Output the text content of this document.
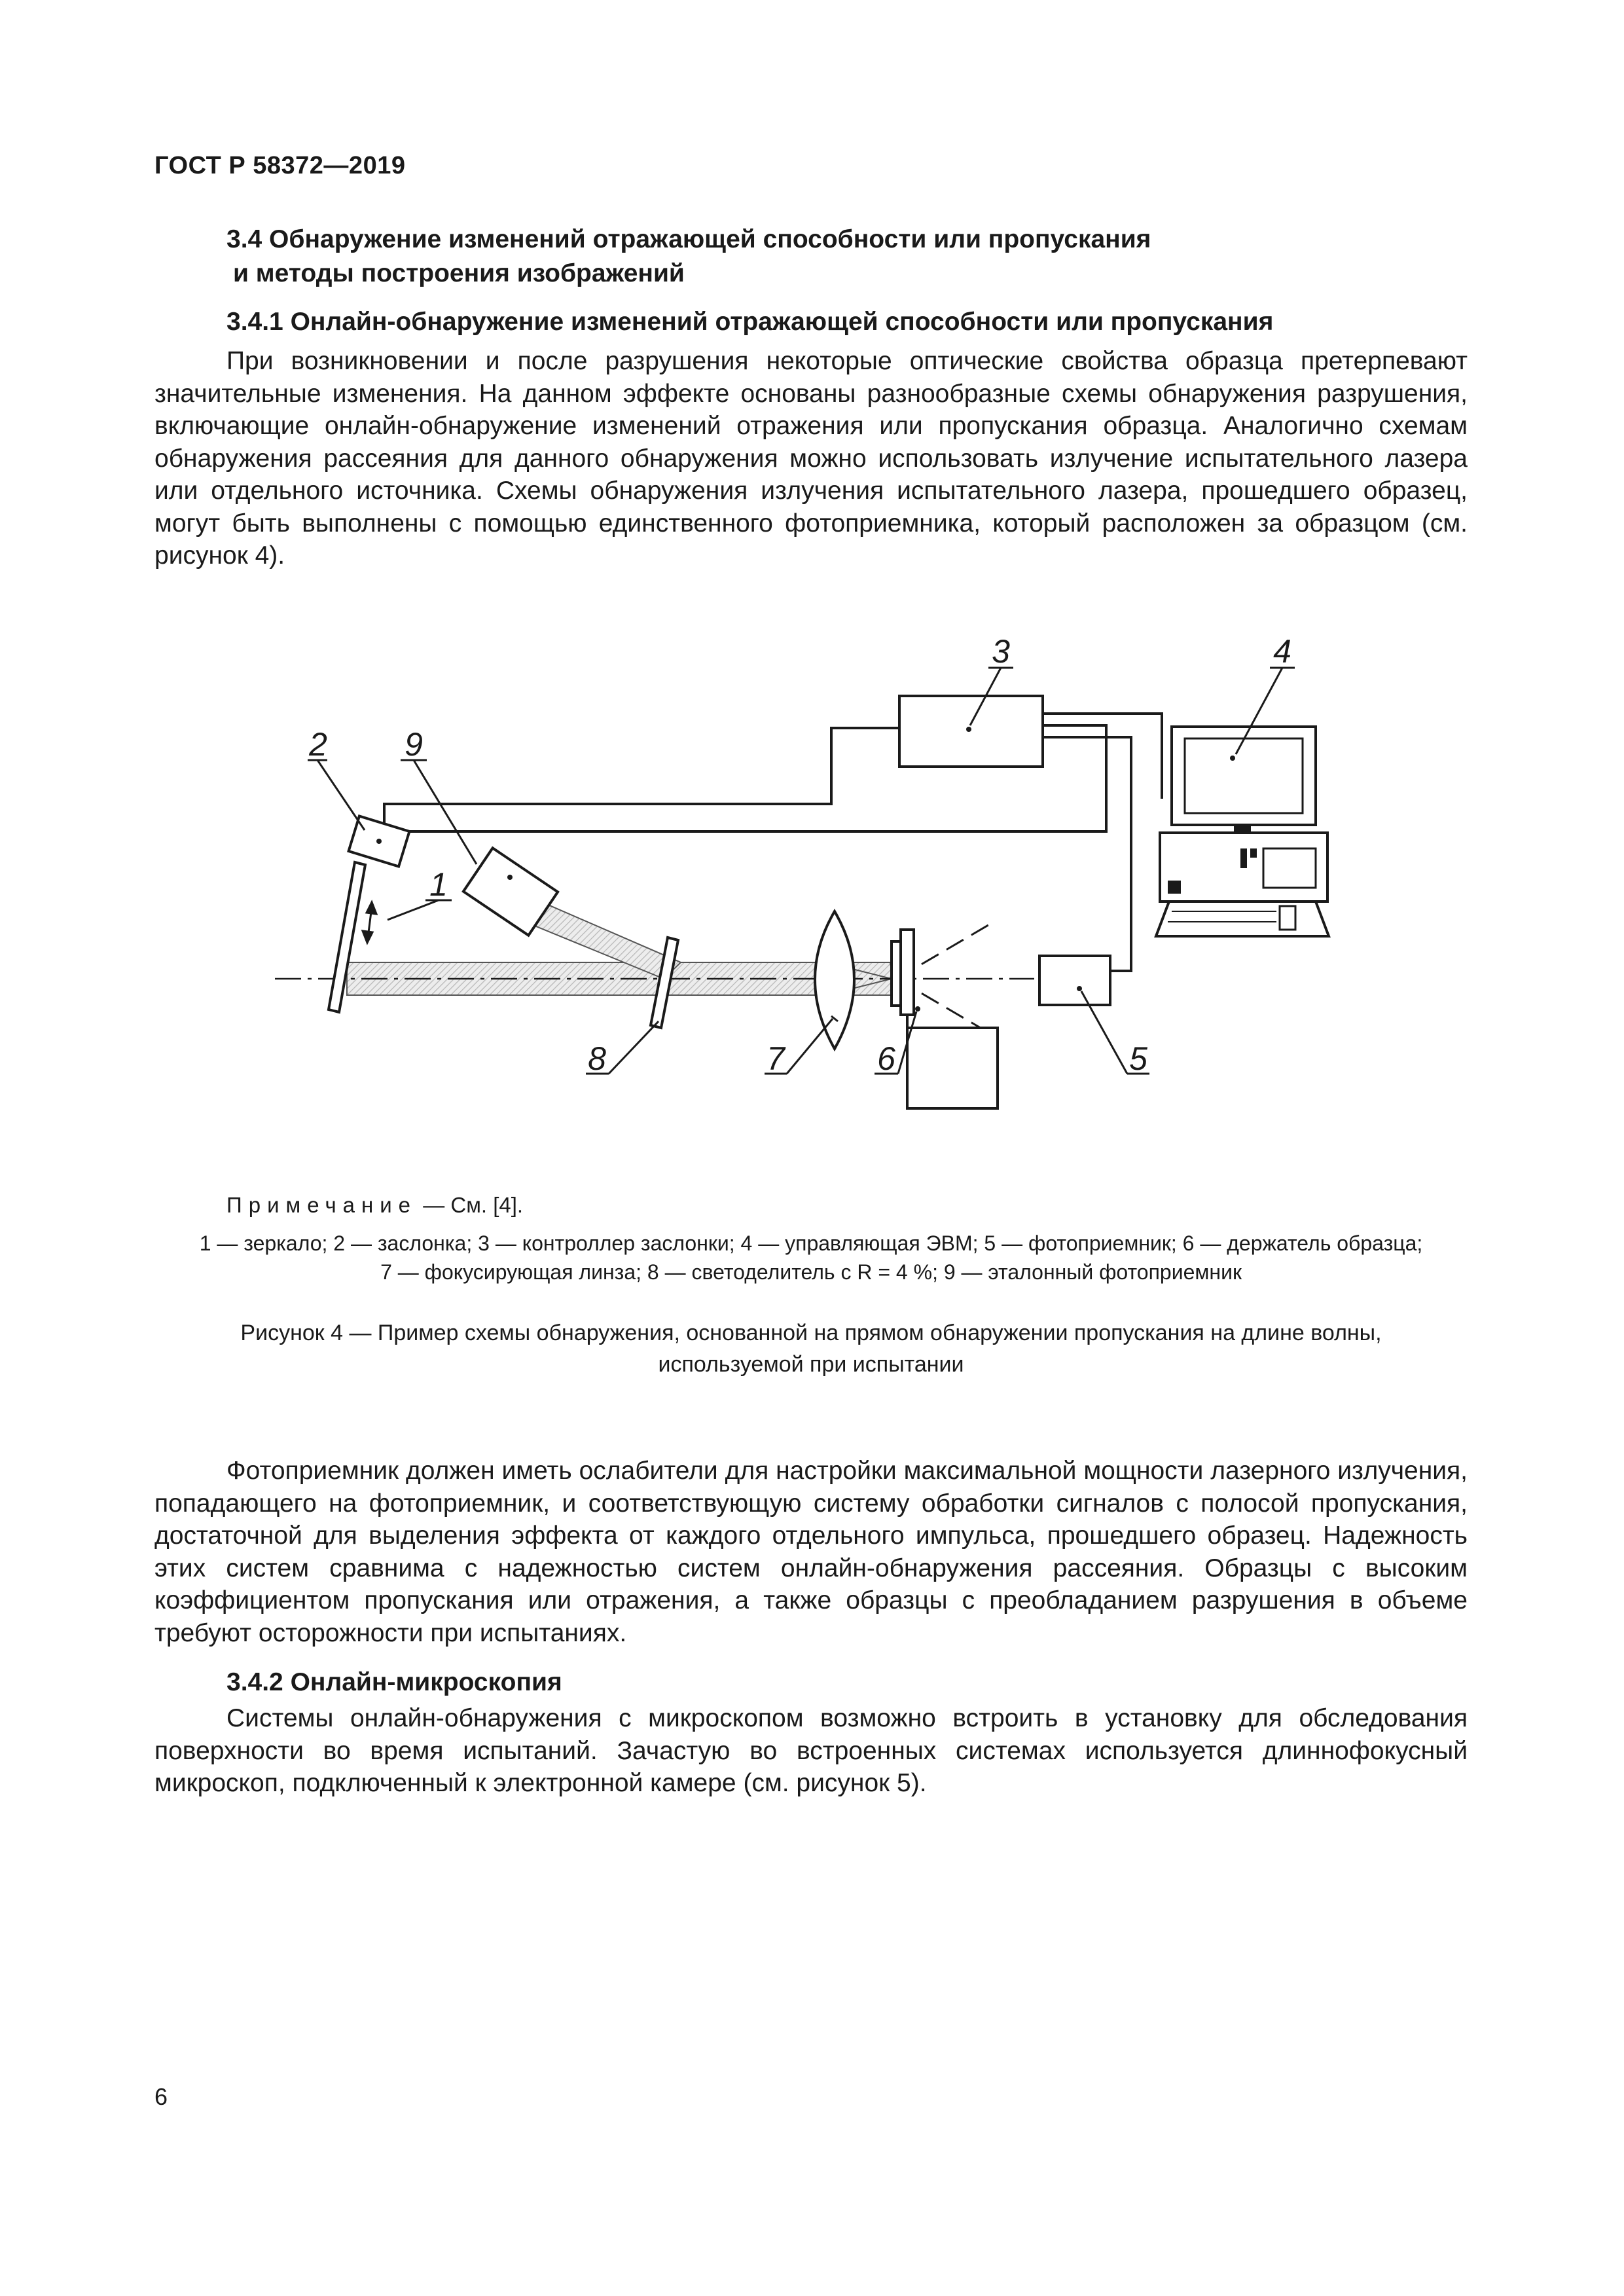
ГОСТ Р 58372—2019
3.4 Обнаружение изменений отражающей способности или пропускания
и методы построения изображений
3.4.1 Онлайн-обнаружение изменений отражающей способности или пропускания

При возникновении и после разрушения некоторые оптические свойства образца претерпевают значительные изменения. На данном эффекте основаны разнообразные схемы обнаружения разрушения, включающие онлайн-обнаружение изменений отражения или пропускания образца. Аналогично схемам обнаружения рассеяния для данного обнаружения можно использовать излучение испытательного лазера или отдельного источника. Схемы обнаружения излучения испытательного лазера, прошедшего образец, могут быть выполнены с помощью единственного фотоприемника, который расположен за образцом (см. рисунок 4).

2 9
1
3	4
5
6
7
8
Примечание — См. [4].
1 — зеркало; 2 — заслонка; 3 — контроллер заслонки; 4 — управляющая ЭВМ; 5 — фотоприемник; 6 — держатель образца;
7 — фокусирующая линза; 8 — светоделитель с R = 4 %; 9 — эталонный фотоприемник
Рисунок 4 — Пример схемы обнаружения, основанной на прямом обнаружении пропускания на длине волны,
используемой при испытании

Фотоприемник должен иметь ослабители для настройки максимальной мощности лазерного излучения, попадающего на фотоприемник, и соответствующую систему обработки сигналов с полосой пропускания, достаточной для выделения эффекта от каждого отдельного импульса, прошедшего образец. Надежность этих систем сравнима с надежностью систем онлайн-обнаружения рассеяния. Образцы с высоким коэффициентом пропускания или отражения, а также образцы с преобладанием разрушения в объеме требуют осторожности при испытаниях.

3.4.2 Онлайн-микроскопия

Системы онлайн-обнаружения с микроскопом возможно встроить в установку для обследования поверхности во время испытаний. Зачастую во встроенных системах используется длиннофокусный микроскоп, подключенный к электронной камере (см. рисунок 5).

6
